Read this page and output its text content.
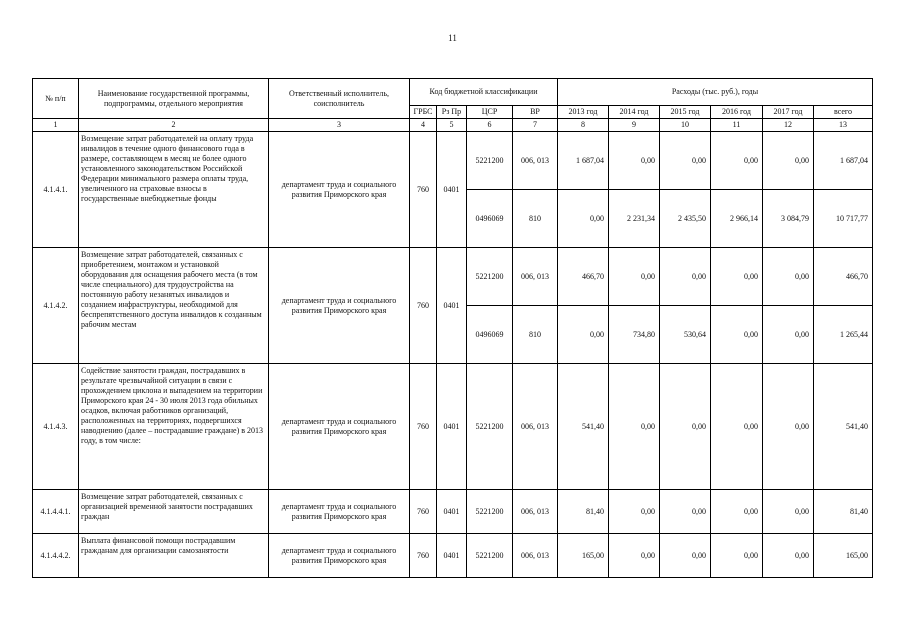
11
№ п/п	Наименование государственной программы, подпрограммы, отдельного мероприятия	Ответственный исполнитель, соисполнитель	Код бюджетной классификации				Расходы (тыс. руб.), годы					
			ГРБС	Рз Пр	ЦСР	ВР	2013 год	2014 год	2015 год	2016 год	2017 год	всего
1	2	3	4	5	6	7	8	9	10	11	12	13
4.1.4.1.	Возмещение затрат работодателей на оплату труда инвалидов в течение одного финансового года в размере, составляющем в месяц не более одного установленного законодательством Российской Федерации минимального размера оплаты труда, увеличенного на страховые взносы в государственные внебюджетные фонды	департамент труда и социального развития Приморского края	760	0401	5221200	006, 013	1 687,04	0,00	0,00	0,00	0,00	1 687,04
					0496069	810	0,00	2 231,34	2 435,50	2 966,14	3 084,79	10 717,77
4.1.4.2.	Возмещение затрат работодателей, связанных с приобретением, монтажом и установкой оборудования для оснащения рабочего места (в том числе специального) для трудоустройства на постоянную работу незанятых инвалидов и созданием инфраструктуры, необходимой для беспрепятственного доступа инвалидов к созданным рабочим местам	департамент труда и социального развития Приморского края	760	0401	5221200	006, 013	466,70	0,00	0,00	0,00	0,00	466,70
					0496069	810	0,00	734,80	530,64	0,00	0,00	1 265,44
4.1.4.3.	Содействие занятости граждан, пострадавших в результате чрезвычайной ситуации в связи с прохождением циклона и выпадением на территории Приморского края 24 - 30 июля 2013 года обильных осадков, включая работников организаций, расположенных на территориях, подвергшихся наводнению (далее – пострадавшие граждане) в 2013 году, в том числе:	департамент труда и социального развития Приморского края	760	0401	5221200	006, 013	541,40	0,00	0,00	0,00	0,00	541,40
4.1.4.4.1.	Возмещение затрат работодателей, связанных с организацией временной занятости пострадавших граждан	департамент труда и социального развития Приморского края	760	0401	5221200	006, 013	81,40	0,00	0,00	0,00	0,00	81,40
4.1.4.4.2.	Выплата финансовой помощи пострадавшим гражданам для организации самозанятости	департамент труда и социального развития Приморского края	760	0401	5221200	006, 013	165,00	0,00	0,00	0,00	0,00	165,00
